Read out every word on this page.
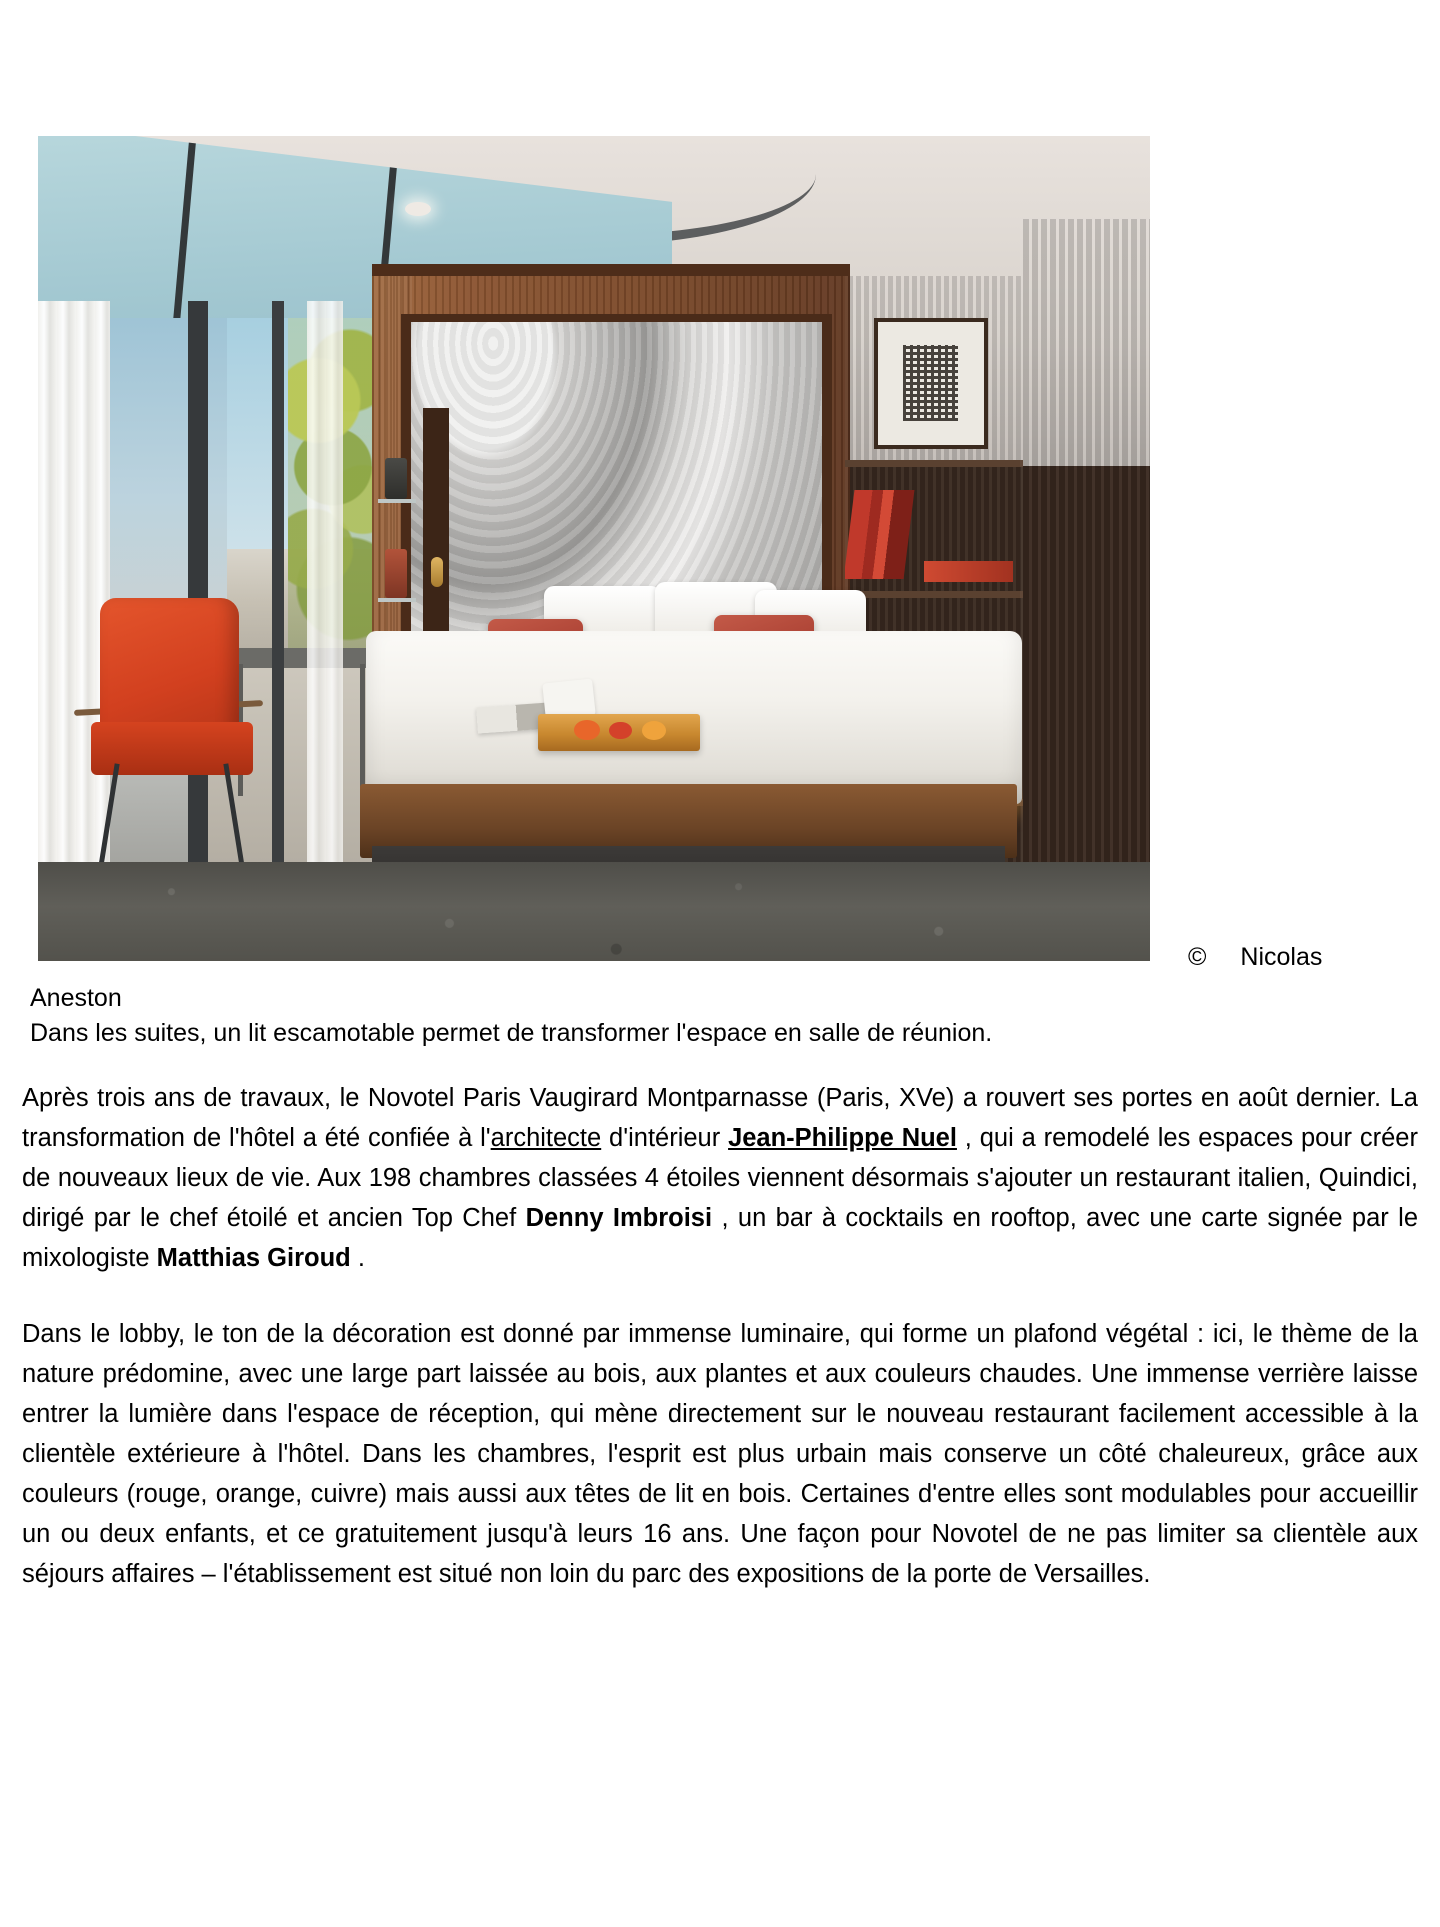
© Nicolas
Aneston
Dans les suites, un lit escamotable permet de transformer l'espace en salle de réunion.

Après trois ans de travaux, le Novotel Paris Vaugirard Montparnasse (Paris, XVe) a rouvert ses portes en août dernier. La transformation de l'hôtel a été confiée à l'architecte d'intérieur Jean-Philippe Nuel , qui a remodelé les espaces pour créer de nouveaux lieux de vie. Aux 198 chambres classées 4 étoiles viennent désormais s'ajouter un restaurant italien, Quindici, dirigé par le chef étoilé et ancien Top Chef Denny Imbroisi , un bar à cocktails en rooftop, avec une carte signée par le mixologiste Matthias Giroud .

Dans le lobby, le ton de la décoration est donné par immense luminaire, qui forme un plafond végétal : ici, le thème de la nature prédomine, avec une large part laissée au bois, aux plantes et aux couleurs chaudes. Une immense verrière laisse entrer la lumière dans l'espace de réception, qui mène directement sur le nouveau restaurant facilement accessible à la clientèle extérieure à l'hôtel. Dans les chambres, l'esprit est plus urbain mais conserve un côté chaleureux, grâce aux couleurs (rouge, orange, cuivre) mais aussi aux têtes de lit en bois. Certaines d'entre elles sont modulables pour accueillir un ou deux enfants, et ce gratuitement jusqu'à leurs 16 ans. Une façon pour Novotel de ne pas limiter sa clientèle aux séjours affaires – l'établissement est situé non loin du parc des expositions de la porte de Versailles.
